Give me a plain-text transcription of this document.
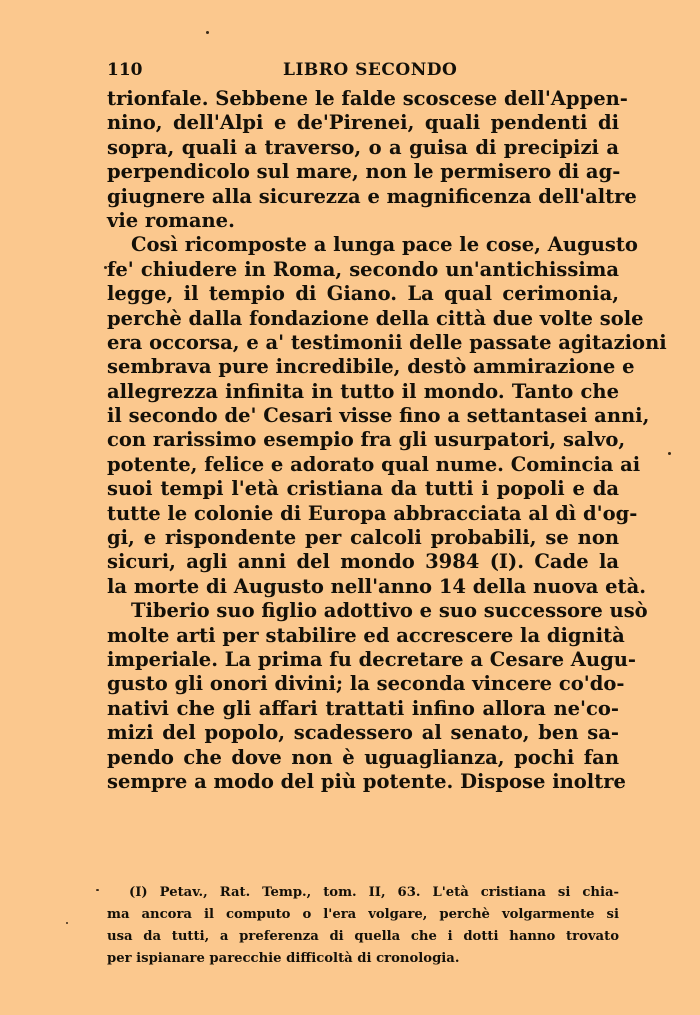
110	LIBRO SECONDO
trionfale. Sebbene le falde scoscese dell'Appen-
nino, dell'Alpi e de'Pirenei, quali pendenti di
sopra, quali a traverso, o a guisa di precipizi a
perpendicolo sul mare, non le permisero di ag-
giugnere alla sicurezza e magnificenza dell'altre
vie romane.
Così ricomposte a lunga pace le cose, Augusto
fe' chiudere in Roma, secondo un'antichissima
legge, il tempio di Giano. La qual cerimonia,
perchè dalla fondazione della città due volte sole
era occorsa, e a' testimonii delle passate agitazioni
sembrava pure incredibile, destò ammirazione e
allegrezza infinita in tutto il mondo. Tanto che
il secondo de' Cesari visse fino a settantasei anni,
con rarissimo esempio fra gli usurpatori, salvo,
potente, felice e adorato qual nume. Comincia ai
suoi tempi l'età cristiana da tutti i popoli e da
tutte le colonie di Europa abbracciata al dì d'og-
gi, e rispondente per calcoli probabili, se non
sicuri, agli anni del mondo 3984 (I). Cade la
la morte di Augusto nell'anno 14 della nuova età.
Tiberio suo figlio adottivo e suo successore usò
molte arti per stabilire ed accrescere la dignità
imperiale. La prima fu decretare a Cesare Augu-
gusto gli onori divini; la seconda vincere co'do-
nativi che gli affari trattati infino allora ne'co-
mizi del popolo, scadessero al senato, ben sa-
pendo che dove non è uguaglianza, pochi fan
sempre a modo del più potente. Dispose inoltre
(I) Petav., Rat. Temp., tom. II, 63. L'età cristiana si chia-
ma ancora il computo o l'era volgare, perchè volgarmente si
usa da tutti, a preferenza di quella che i dotti hanno trovato
per ispianare parecchie difficoltà di cronologia.
